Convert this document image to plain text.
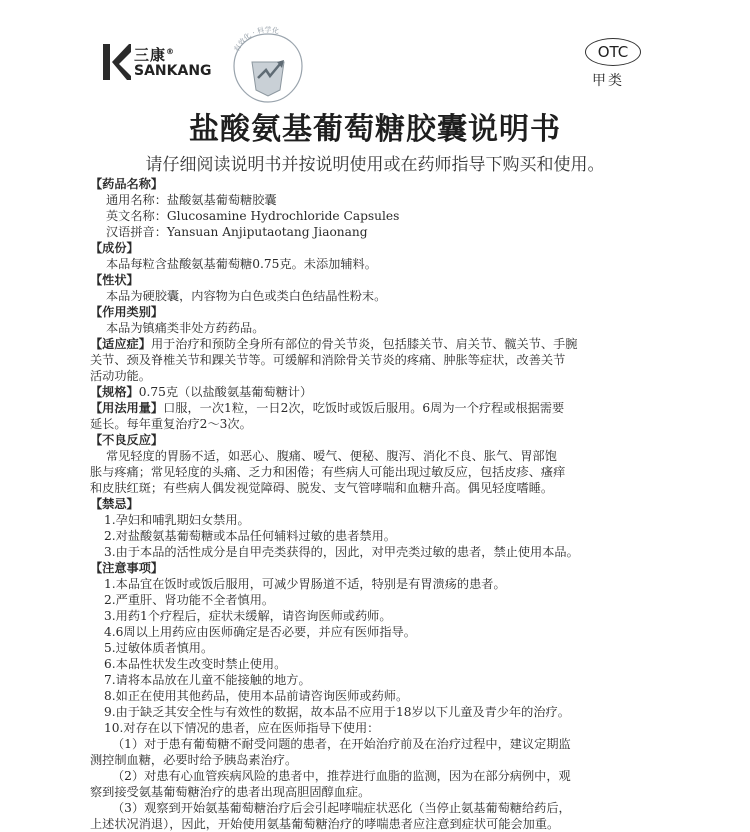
三康®
SANKANG
有效化 · 科学化
OTC
甲类
盐酸氨基葡萄糖胶囊说明书
请仔细阅读说明书并按说明使用或在药师指导下购买和使用。
【药品名称】
通用名称：盐酸氨基葡萄糖胶囊
英文名称：Glucosamine Hydrochloride Capsules
汉语拼音：Yansuan Anjiputaotang Jiaonang
【成份】
本品每粒含盐酸氨基葡萄糖0.75克。未添加辅料。
【性状】
本品为硬胶囊，内容物为白色或类白色结晶性粉末。
【作用类别】
本品为镇痛类非处方药药品。
【适应症】用于治疗和预防全身所有部位的骨关节炎，包括膝关节、肩关节、髋关节、手腕
关节、颈及脊椎关节和踝关节等。可缓解和消除骨关节炎的疼痛、肿胀等症状，改善关节
活动功能。
【规格】0.75克（以盐酸氨基葡萄糖计）
【用法用量】口服，一次1粒，一日2次，吃饭时或饭后服用。6周为一个疗程或根据需要
延长。每年重复治疗2～3次。
【不良反应】
常见轻度的胃肠不适，如恶心、腹痛、嗳气、便秘、腹泻、消化不良、胀气、胃部饱
胀与疼痛；常见轻度的头痛、乏力和困倦；有些病人可能出现过敏反应，包括皮疹、瘙痒
和皮肤红斑；有些病人偶发视觉障碍、脱发、支气管哮喘和血糖升高。偶见轻度嗜睡。
【禁忌】
1.孕妇和哺乳期妇女禁用。
2.对盐酸氨基葡萄糖或本品任何辅料过敏的患者禁用。
3.由于本品的活性成分是自甲壳类获得的，因此，对甲壳类过敏的患者，禁止使用本品。
【注意事项】
1.本品宜在饭时或饭后服用，可减少胃肠道不适，特别是有胃溃疡的患者。
2.严重肝、肾功能不全者慎用。
3.用药1个疗程后，症状未缓解，请咨询医师或药师。
4.6周以上用药应由医师确定是否必要，并应有医师指导。
5.过敏体质者慎用。
6.本品性状发生改变时禁止使用。
7.请将本品放在儿童不能接触的地方。
8.如正在使用其他药品，使用本品前请咨询医师或药师。
9.由于缺乏其安全性与有效性的数据，故本品不应用于18岁以下儿童及青少年的治疗。
10.对存在以下情况的患者，应在医师指导下使用：
（1）对于患有葡萄糖不耐受问题的患者，在开始治疗前及在治疗过程中，建议定期监
测控制血糖，必要时给予胰岛素治疗。
（2）对患有心血管疾病风险的患者中，推荐进行血脂的监测，因为在部分病例中，观
察到接受氨基葡萄糖治疗的患者出现高胆固醇血症。
（3）观察到开始氨基葡萄糖治疗后会引起哮喘症状恶化（当停止氨基葡萄糖给药后，
上述状况消退），因此，开始使用氨基葡萄糖治疗的哮喘患者应注意到症状可能会加重。
